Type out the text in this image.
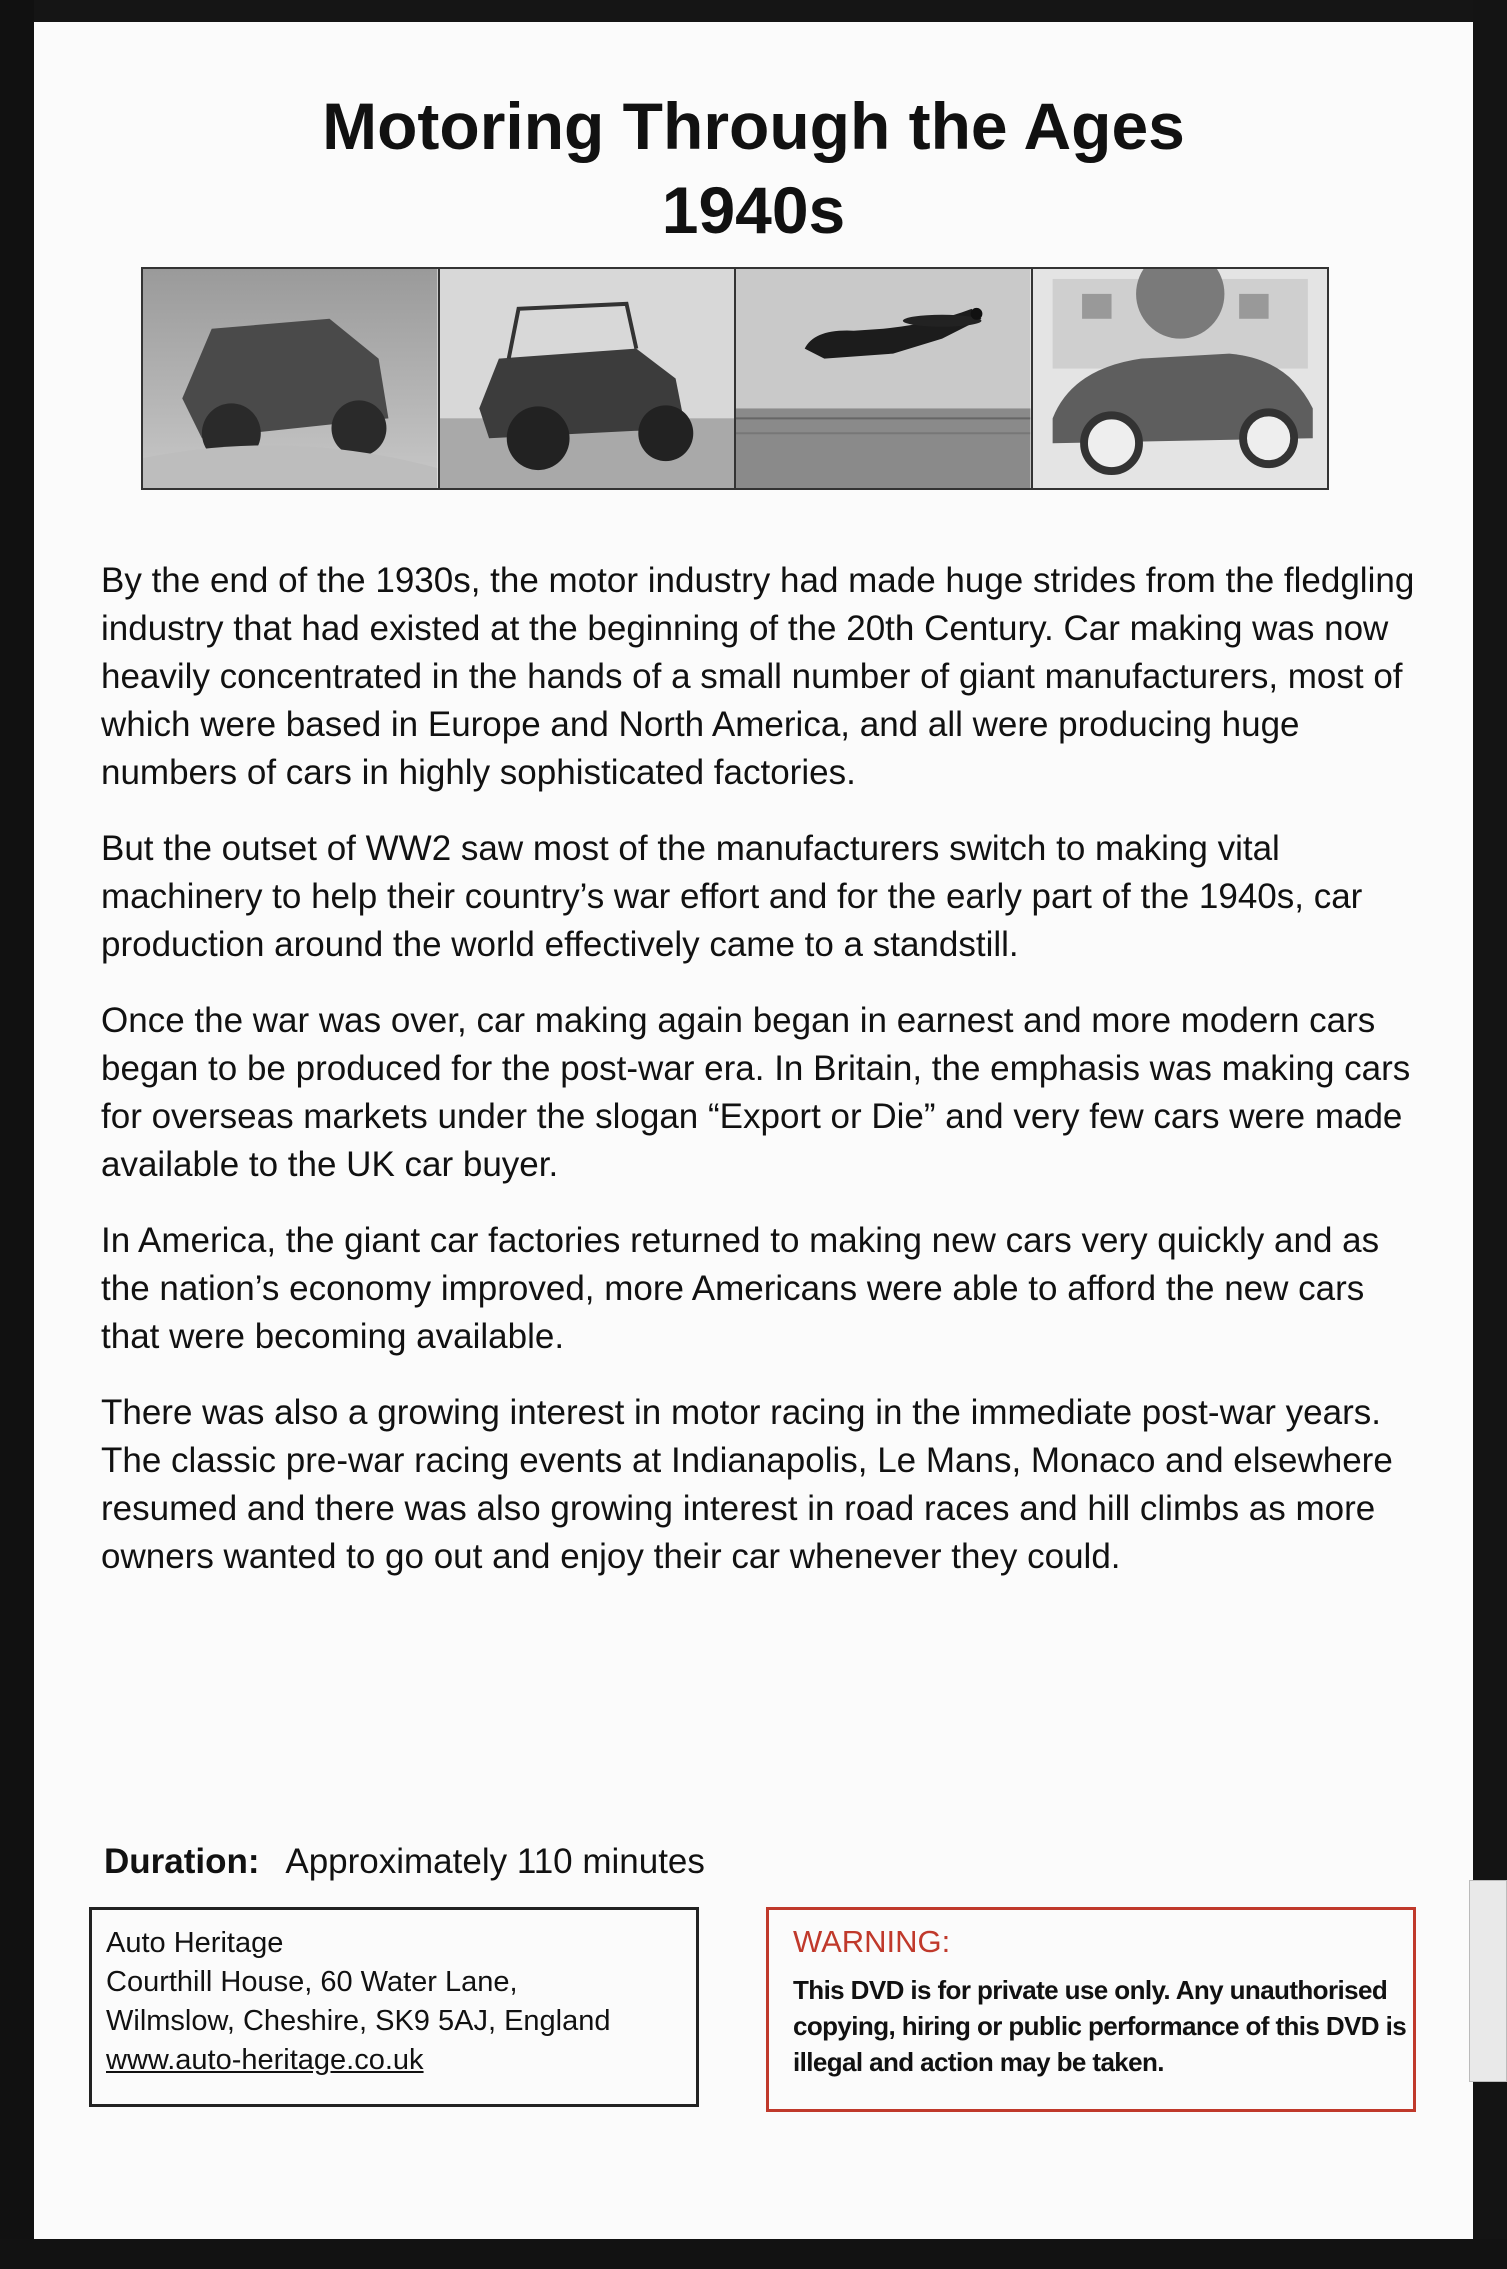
Motoring Through the Ages
1940s

By the end of the 1930s, the motor industry had made huge strides from the fledgling industry that had existed at the beginning of the 20th Century. Car making was now heavily concentrated in the hands of a small number of giant manufacturers, most of which were based in Europe and North America, and all were producing huge numbers of cars in highly sophisticated factories.

But the outset of WW2 saw most of the manufacturers switch to making vital machinery to help their country’s war effort and for the early part of the 1940s, car production around the world effectively came to a standstill.

Once the war was over, car making again began in earnest and more modern cars began to be produced for the post-war era. In Britain, the emphasis was making cars for overseas markets under the slogan “Export or Die” and very few cars were made available to the UK car buyer.

In America, the giant car factories returned to making new cars very quickly and as the nation’s economy improved, more Americans were able to afford the new cars that were becoming available.

There was also a growing interest in motor racing in the immediate post-war years. The classic pre-war racing events at Indianapolis, Le Mans, Monaco and elsewhere resumed and there was also growing interest in road races and hill climbs as more owners wanted to go out and enjoy their car whenever they could.

Duration: Approximately 110 minutes
Auto Heritage
Courthill House, 60 Water Lane,
Wilmslow, Cheshire, SK9 5AJ, England
www.auto-heritage.co.uk
WARNING:
This DVD is for private use only. Any unauthorised copying, hiring or public performance of this DVD is illegal and action may be taken.
